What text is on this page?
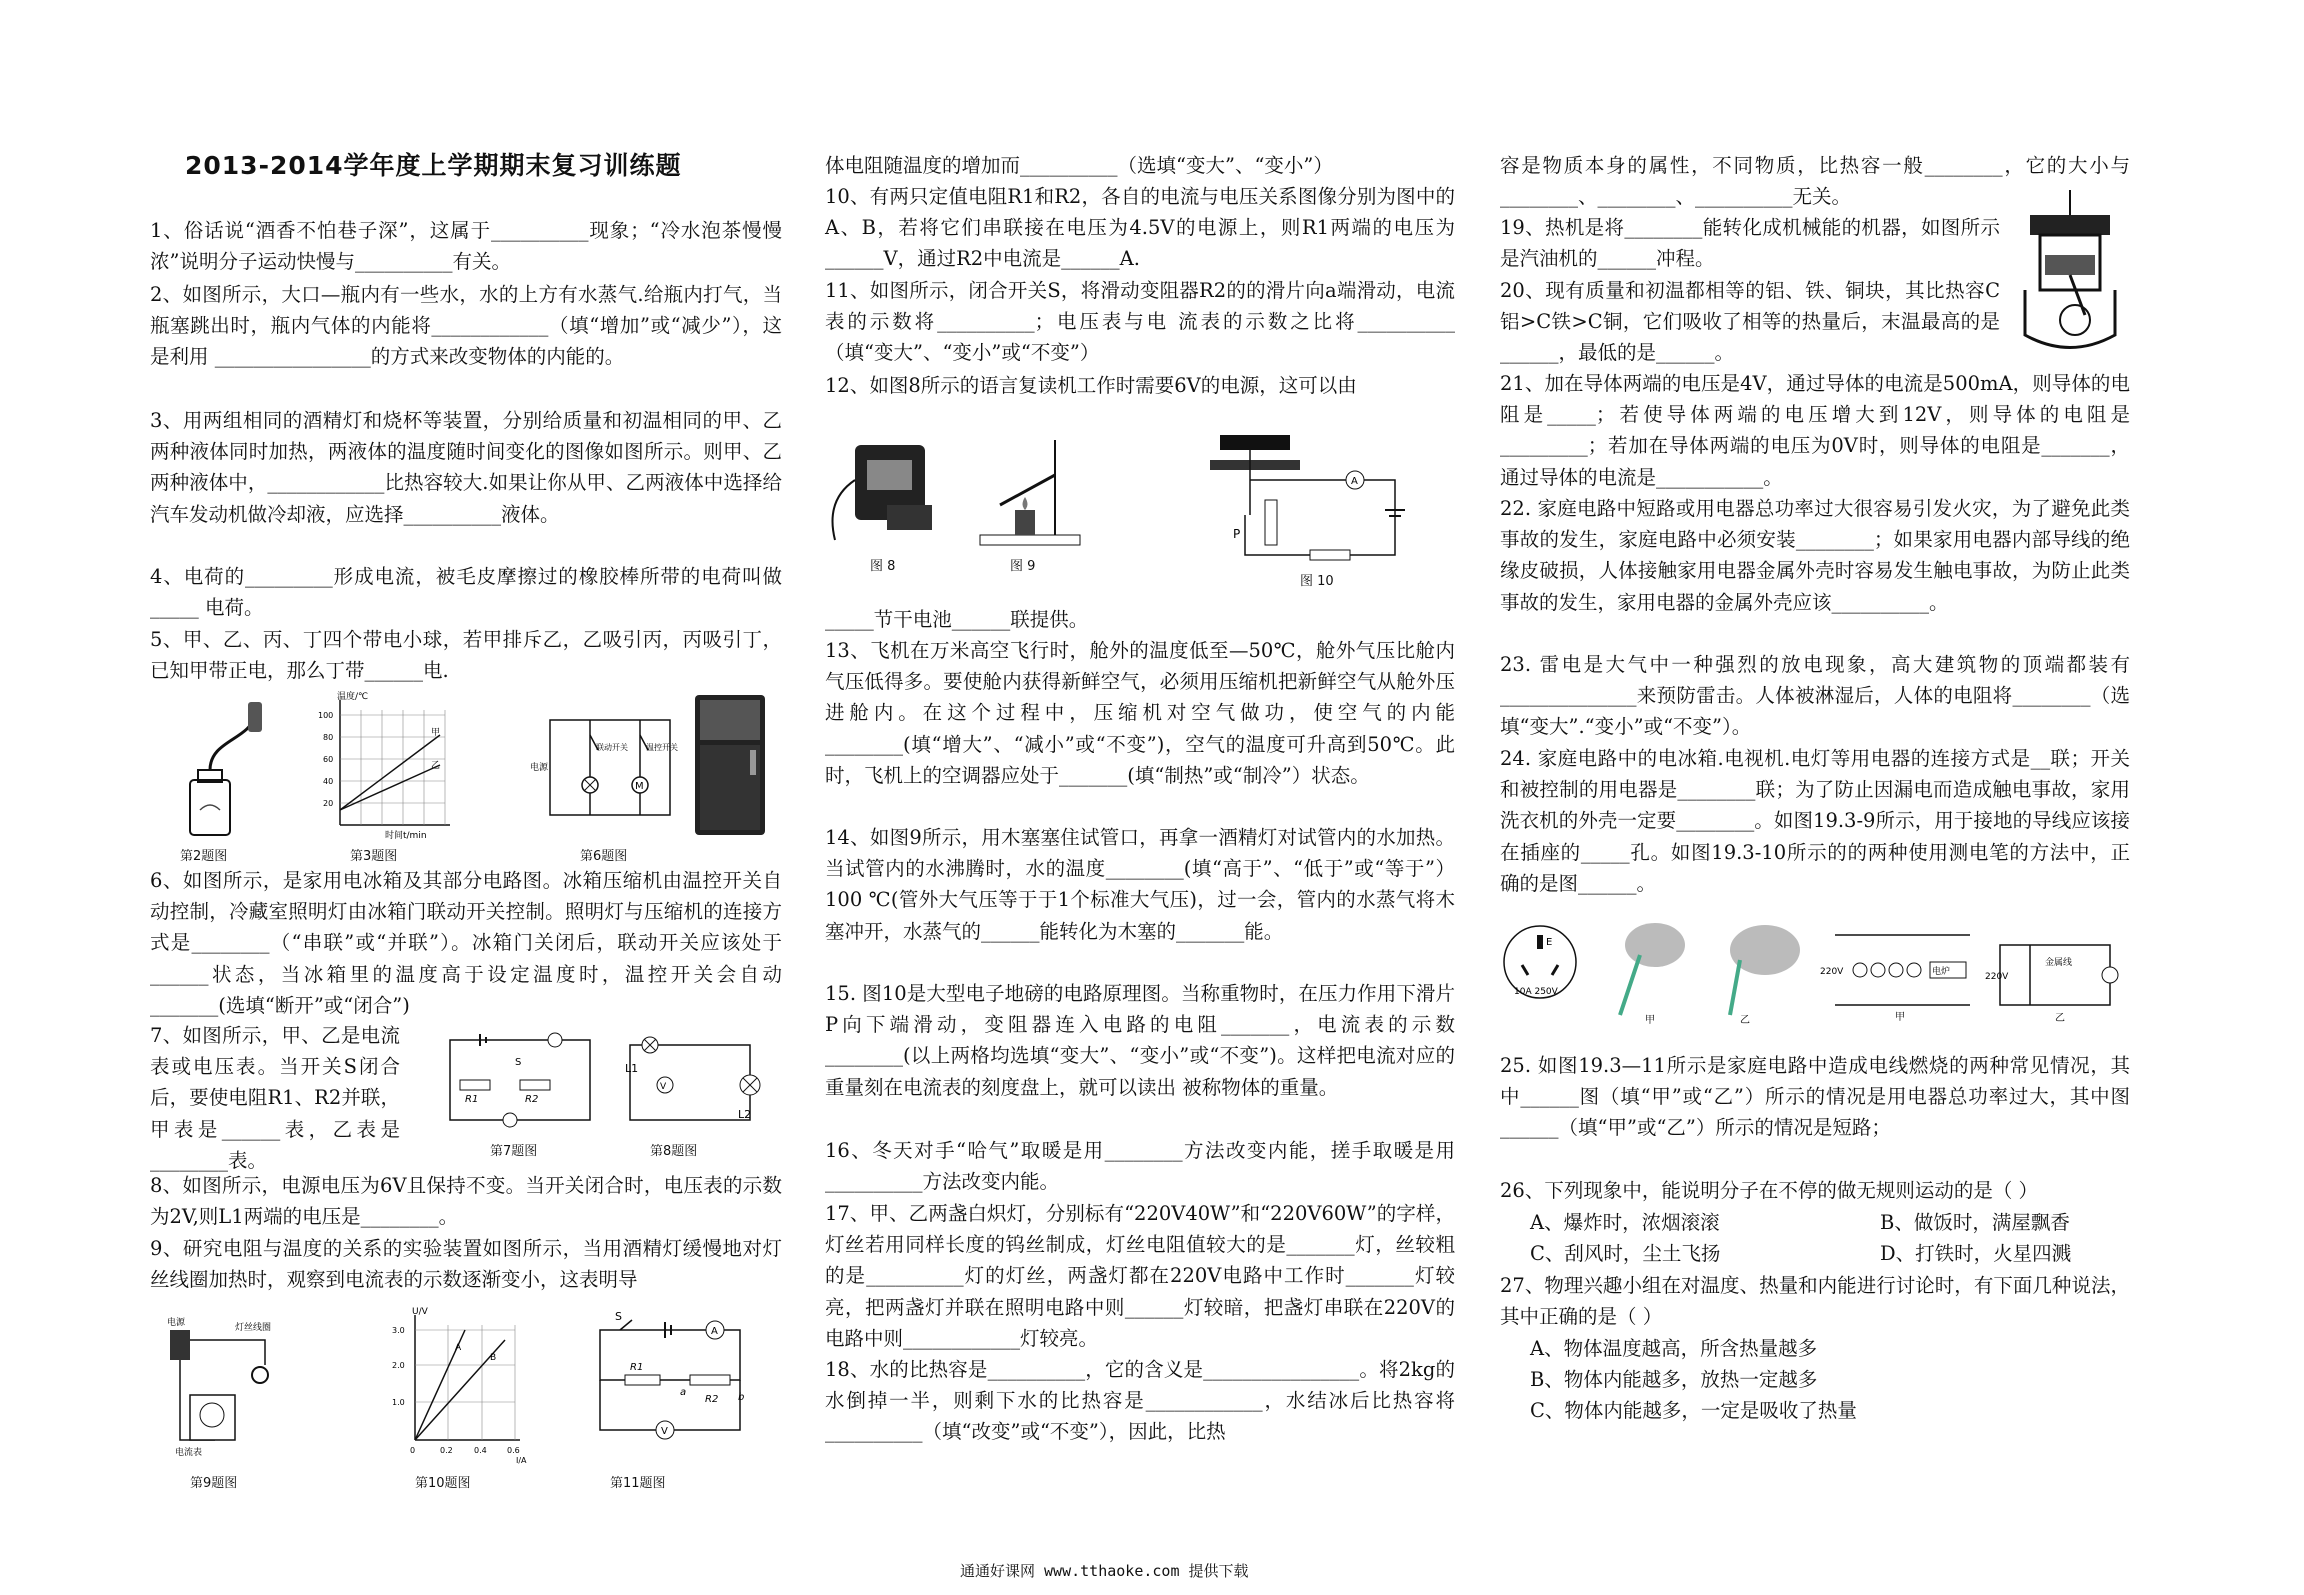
2013-2014学年度上学期期末复习训练题
1、俗话说“酒香不怕巷子深”，这属于__________现象；“冷水泡茶慢慢浓”说明分子运动快慢与__________有关。
2、如图所示，大口—瓶内有一些水，水的上方有水蒸气.给瓶内打气，当瓶塞跳出时，瓶内气体的内能将____________（填“增加”或“减少”），这是利用 ________________的方式来改变物体的内能的。
3、用两组相同的酒精灯和烧杯等装置，分别给质量和初温相同的甲、乙两种液体同时加热，两液体的温度随时间变化的图像如图所示。则甲、乙两种液体中，____________比热容较大.如果让你从甲、乙两液体中选择给汽车发动机做冷却液，应选择__________液体。
4、电荷的_________形成电流，被毛皮摩擦过的橡胶棒所带的电荷叫做_____ 电荷。
5、甲、乙、丙、丁四个带电小球，若甲排斥乙，乙吸引丙，丙吸引丁，已知甲带正电，那么丁带______电.
温度/℃
100
80
60
40
20
甲
乙
时间t/min
M
联动开关 温控开关
电源
第2题图	第3题图	第6题图
6、如图所示，是家用电冰箱及其部分电路图。冰箱压缩机由温控开关自动控制，冷藏室照明灯由冰箱门联动开关控制。照明灯与压缩机的连接方式是________（“串联”或“并联”）。冰箱门关闭后，联动开关应该处于______状态，当冰箱里的温度高于设定温度时，温控开关会自动_______(选填“断开”或“闭合”)
7、如图所示，甲、乙是电流表或电压表。当开关S闭合后，要使电阻R1、R2并联，甲表是______表，乙表是________表。
S
R1	R2
第7题图
V
L1
L2
第8题图
8、如图所示，电源电压为6V且保持不变。当开关闭合时，电压表的示数为2V,则L1两端的电压是________。
9、研究电阻与温度的关系的实验装置如图所示，当用酒精灯缓慢地对灯丝线圈加热时，观察到电流表的示数逐渐变小，这表明导
电源	灯丝线圈
电流表
U/V
3.0
2.0
1.0
0	0.2	0.4	0.6
I/A
A
B
A
V
S
R1
R2
a	b
第9题图	第10题图	第11题图
体电阻随温度的增加而__________（选填“变大”、“变小”）
10、有两只定值电阻R1和R2，各自的电流与电压关系图像分别为图中的A、B，若将它们串联接在电压为4.5V的电源上，则R1两端的电压为______V，通过R2中电流是______A.
11、如图所示，闭合开关S，将滑动变阻器R2的的滑片向a端滑动，电流表的示数将__________；电压表与电 流表的示数之比将__________（填“变大”、“变小”或“不变”）
12、如图8所示的语言复读机工作时需要6V的电源，这可以由
A
P
图 8	图 9
图 10
_____节干电池______联提供。
13、飞机在万米高空飞行时，舱外的温度低至—50℃，舱外气压比舱内气压低得多。要使舱内获得新鲜空气，必须用压缩机把新鲜空气从舱外压进舱内。在这个过程中，压缩机对空气做功，使空气的内能________(填“增大”、“减小”或“不变”)，空气的温度可升高到50℃。此时，飞机上的空调器应处于_______(填“制热”或“制冷”）状态。
14、如图9所示，用木塞塞住试管口，再拿一酒精灯对试管内的水加热。当试管内的水沸腾时，水的温度________(填“高于”、“低于”或“等于”）100 ℃(管外大气压等于于1个标准大气压)，过一会，管内的水蒸气将木塞冲开，水蒸气的______能转化为木塞的_______能。
15. 图10是大型电子地磅的电路原理图。当称重物时，在压力作用下滑片P向下端滑动，变阻器连入电路的电阻_______，电流表的示数________(以上两格均选填“变大”、“变小”或“不变”)。这样把电流对应的重量刻在电流表的刻度盘上，就可以读出 被称物体的重量。
16、冬天对手“哈气”取暖是用________方法改变内能，搓手取暖是用__________方法改变内能。
17、甲、乙两盏白炽灯，分别标有“220V40W”和“220V60W”的字样，灯丝若用同样长度的钨丝制成，灯丝电阻值较大的是_______灯，丝较粗的是__________灯的灯丝，两盏灯都在220V电路中工作时_______灯较亮，把两盏灯并联在照明电路中则______灯较暗，把盏灯串联在220V的电路中则____________灯较亮。
18、水的比热容是__________，它的含义是________________。将2kg的水倒掉一半，则剩下水的比热容是____________，水结冰后比热容将__________（填“改变”或“不变”），因此，比热
容是物质本身的属性，不同物质，比热容一般________，它的大小与________、________、__________无关。
19、热机是将________能转化成机械能的机器，如图所示是汽油机的______冲程。
20、现有质量和初温都相等的铝、铁、铜块，其比热容C铝>C铁>C铜，它们吸收了相等的热量后，末温最高的是______，最低的是______。
21、加在导体两端的电压是4V，通过导体的电流是500mA，则导体的电阻是_____；若使导体两端的电压增大到12V，则导体的电阻是_________；若加在导体两端的电压为0V时，则导体的电阻是_______，通过导体的电流是___________。
22. 家庭电路中短路或用电器总功率过大很容易引发火灾，为了避免此类事故的发生，家庭电路中必须安装________；如果家用电器内部导线的绝缘皮破损，人体接触家用电器金属外壳时容易发生触电事故，为防止此类事故的发生，家用电器的金属外壳应该__________。
23. 雷电是大气中一种强烈的放电现象，高大建筑物的顶端都装有______________来预防雷击。人体被淋湿后，人体的电阻将________（选填“变大”.“变小”或“不变”）。
24. 家庭电路中的电冰箱.电视机.电灯等用电器的连接方式是__联；开关和被控制的用电器是________联；为了防止因漏电而造成触电事故，家用洗衣机的外壳一定要________。如图19.3-9所示，用于接地的导线应该接在插座的_____孔。如图19.3-10所示的的两种使用测电笔的方法中，正确的是图______。
E
10A 250V
甲	乙
220V	电炉
甲
220V
金属线
乙
25. 如图19.3—11所示是家庭电路中造成电线燃烧的两种常见情况，其中______图（填“甲”或“乙”）所示的情况是用电器总功率过大，其中图______（填“甲”或“乙”）所示的情况是短路；
26、下列现象中，能说明分子在不停的做无规则运动的是（ ）
A、爆炸时，浓烟滚滚	B、做饭时，满屋飘香
C、刮风时，尘土飞扬	D、打铁时，火星四溅
27、物理兴趣小组在对温度、热量和内能进行讨论时，有下面几种说法，其中正确的是（ ）
A、物体温度越高，所含热量越多
B、物体内能越多，放热一定越多
C、物体内能越多，一定是吸收了热量
通通好课网 www.tthaoke.com 提供下载
